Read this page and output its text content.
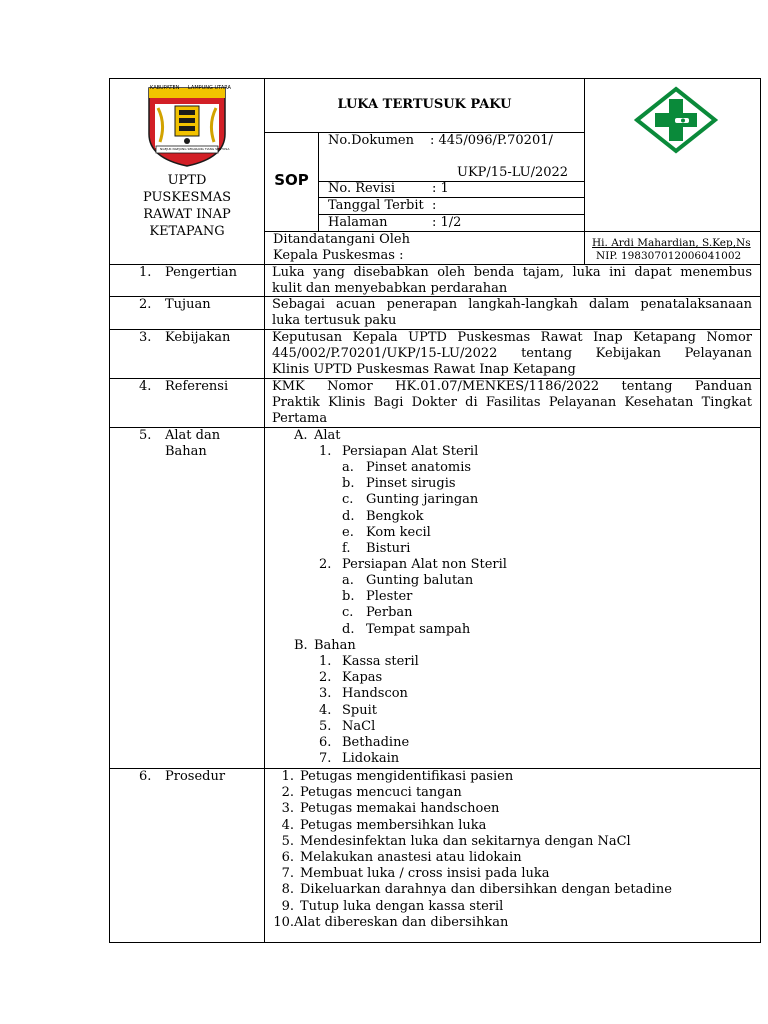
KABUPATEN LAMPUNG UTARA
NGEJUK NGEJUNG SEKARANG TIANG SENTOSA
UPTD
PUSKESMAS
RAWAT INAP
KETAPANG
LUKA TERTUSUK PAKU
SOP
No.Dokumen : 445/096/P.70201/
UKP/15-LU/2022
No. Revisi	: 1
Tanggal Terbit :
Halaman	: 1/2
Ditandatangani Oleh
Kepala Puskesmas :
Hi. Ardi Mahardian, S.Kep,Ns
NIP. 198307012006041002
1. Pengertian	Luka yang disebabkan oleh benda tajam, luka ini dapat menembus
kulit dan menyebabkan perdarahan
2. Tujuan	Sebagai acuan penerapan langkah-langkah dalam penatalaksanaan
luka tertusuk paku
3. Kebijakan	Keputusan Kepala UPTD Puskesmas Rawat Inap Ketapang Nomor
445/002/P.70201/UKP/15-LU/2022 tentang Kebijakan Pelayanan
Klinis UPTD Puskesmas Rawat Inap Ketapang
4. Referensi	KMK Nomor HK.01.07/MENKES/1186/2022 tentang Panduan
Praktik Klinis Bagi Dokter di Fasilitas Pelayanan Kesehatan Tingkat
Pertama
5. Alat dan
Bahan
A. Alat
1. Persiapan Alat Steril
a. Pinset anatomis
b. Pinset sirugis
c. Gunting jaringan
d. Bengkok
e. Kom kecil
f. Bisturi
2. Persiapan Alat non Steril
a. Gunting balutan
b. Plester
c. Perban
d. Tempat sampah
B. Bahan
1. Kassa steril
2. Kapas
3. Handscon
4. Spuit
5. NaCl
6. Bethadine
7. Lidokain
6. Prosedur	1. Petugas mengidentifikasi pasien
2. Petugas mencuci tangan
3. Petugas memakai handschoen
4. Petugas membersihkan luka
5. Mendesinfektan luka dan sekitarnya dengan NaCl
6. Melakukan anastesi atau lidokain
7. Membuat luka / cross insisi pada luka
8. Dikeluarkan darahnya dan dibersihkan dengan betadine
9. Tutup luka dengan kassa steril
10.Alat dibereskan dan dibersihkan
